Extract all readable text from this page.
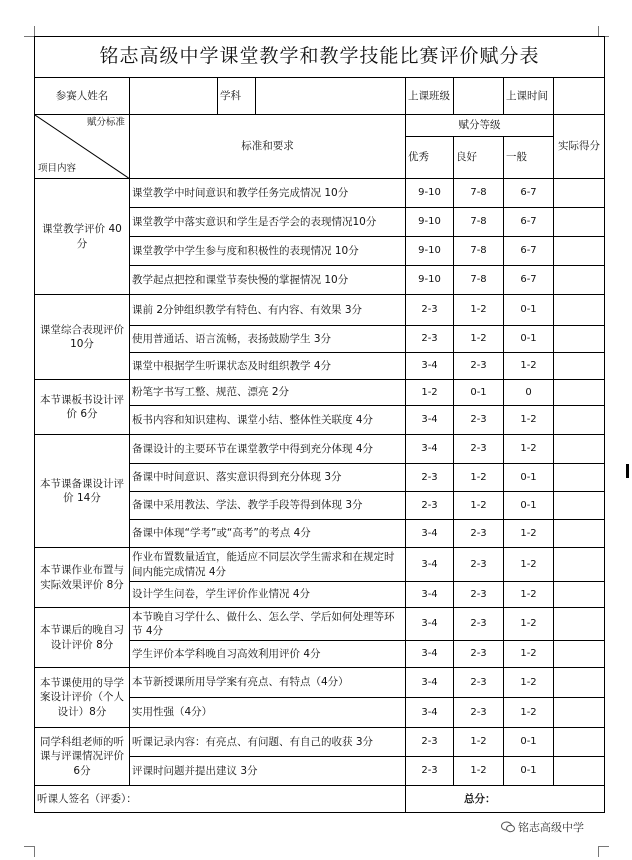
铭志高级中学课堂教学和教学技能比赛评价赋分表							
参赛人姓名		学科		上课班级		上课时间	

赋分标准
项目内容	标准和要求			赋分等级			实际得分
				优秀	良好	一般	
课堂教学评价 40分	课堂教学中时间意识和教学任务完成情况 10分			9-10	7-8	6-7	
	课堂教学中落实意识和学生是否学会的表现情况10分			9-10	7-8	6-7	
	课堂教学中学生参与度和积极性的表现情况 10分			9-10	7-8	6-7	
	教学起点把控和课堂节奏快慢的掌握情况 10分			9-10	7-8	6-7	
课堂综合表现评价 10分	课前 2分钟组织教学有特色、有内容、有效果 3分			2-3	1-2	0-1	
	使用普通话、语言流畅，表扬鼓励学生 3分			2-3	1-2	0-1	
	课堂中根据学生听课状态及时组织教学 4分			3-4	2-3	1-2	
本节课板书设计评价 6分	粉笔字书写工整、规范、漂亮 2分			1-2	0-1	0	
	板书内容和知识建构、课堂小结、整体性关联度 4分			3-4	2-3	1-2	
本节课备课设计评价 14分	备课设计的主要环节在课堂教学中得到充分体现 4分			3-4	2-3	1-2	
	备课中时间意识、落实意识得到充分体现 3分			2-3	1-2	0-1	
	备课中采用教法、学法、教学手段等得到体现 3分			2-3	1-2	0-1	
	备课中体现“学考”或“高考”的考点 4分			3-4	2-3	1-2	
本节课作业布置与实际效果评价 8分	作业布置数量适宜，能适应不同层次学生需求和在规定时间内能完成情况 4分			3-4	2-3	1-2	
	设计学生问卷，学生评价作业情况 4分			3-4	2-3	1-2	
本节课后的晚自习设计评价 8分	本节晚自习学什么、做什么、怎么学、学后如何处理等环节 4分			3-4	2-3	1-2	
	学生评价本学科晚自习高效利用评价 4分			3-4	2-3	1-2	
本节课使用的导学案设计评价（个人设计）8分	本节新授课所用导学案有亮点、有特点（4分）			3-4	2-3	1-2	
	实用性强（4分）			3-4	2-3	1-2	
同学科组老师的听课与评课情况评价 6分	听课记录内容：有亮点、有问题、有自己的收获 3分			2-3	1-2	0-1	
	评课时问题并提出建议 3分			2-3	1-2	0-1	
听课人签名（评委）：				总分：			
铭志高级中学
